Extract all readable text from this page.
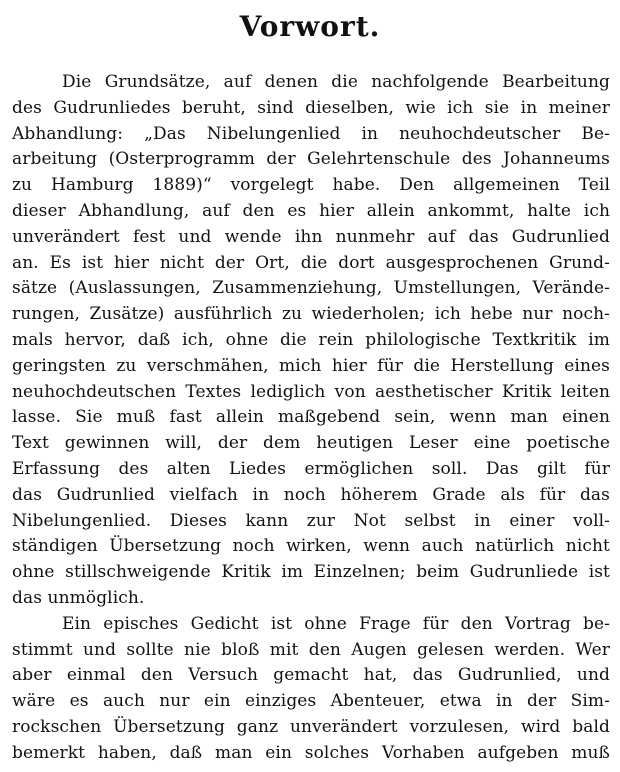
Vorwort.
Die Grundsätze, auf denen die nachfolgende Bearbeitung
des Gudrunliedes beruht, sind dieselben, wie ich sie in meiner
Abhandlung: „Das Nibelungenlied in neuhochdeutscher Be-
arbeitung (Osterprogramm der Gelehrtenschule des Johanneums
zu Hamburg 1889)“ vorgelegt habe. Den allgemeinen Teil
dieser Abhandlung, auf den es hier allein ankommt, halte ich
unverändert fest und wende ihn nunmehr auf das Gudrunlied
an. Es ist hier nicht der Ort, die dort ausgesprochenen Grund-
sätze (Auslassungen, Zusammenziehung, Umstellungen, Verände-
rungen, Zusätze) ausführlich zu wiederholen; ich hebe nur noch-
mals hervor, daß ich, ohne die rein philologische Textkritik im
geringsten zu verschmähen, mich hier für die Herstellung eines
neuhochdeutschen Textes lediglich von aesthetischer Kritik leiten
lasse. Sie muß fast allein maßgebend sein, wenn man einen
Text gewinnen will, der dem heutigen Leser eine poetische
Erfassung des alten Liedes ermöglichen soll. Das gilt für
das Gudrunlied vielfach in noch höherem Grade als für das
Nibelungenlied. Dieses kann zur Not selbst in einer voll-
ständigen Übersetzung noch wirken, wenn auch natürlich nicht
ohne stillschweigende Kritik im Einzelnen; beim Gudrunliede ist
das unmöglich.
Ein episches Gedicht ist ohne Frage für den Vortrag be-
stimmt und sollte nie bloß mit den Augen gelesen werden. Wer
aber einmal den Versuch gemacht hat, das Gudrunlied, und
wäre es auch nur ein einziges Abenteuer, etwa in der Sim-
rockschen Übersetzung ganz unverändert vorzulesen, wird bald
bemerkt haben, daß man ein solches Vorhaben aufgeben muß
